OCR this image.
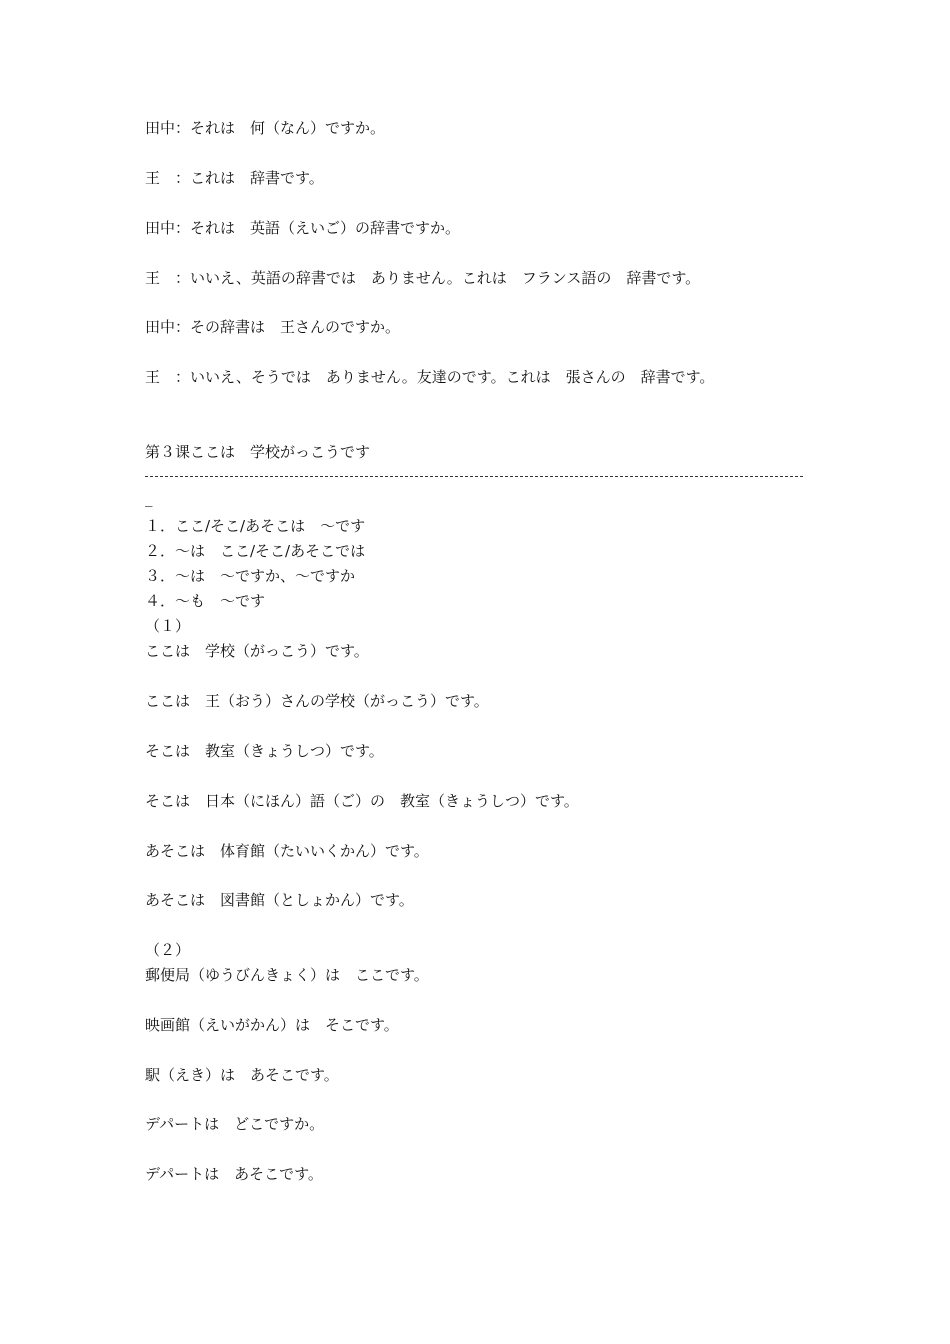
田中：それは　何（なん）ですか。
王　：これは　辞書です。
田中：それは　英語（えいご）の辞書ですか。
王　：いいえ、英語の辞書では　ありません。これは　フランス語の　辞書です。
田中：その辞書は　王さんのですか。
王　：いいえ、そうでは　ありません。友達のです。これは　張さんの　辞書です。
第３课ここは　学校がっこうです
_
１．ここ/そこ/あそこは　～です
２．～は　ここ/そこ/あそこでは
３．～は　～ですか、～ですか
４．～も　～です
（１）
ここは　学校（がっこう）です。
ここは　王（おう）さんの学校（がっこう）です。
そこは　教室（きょうしつ）です。
そこは　日本（にほん）語（ご）の　教室（きょうしつ）です。
あそこは　体育館（たいいくかん）です。
あそこは　図書館（としょかん）です。
（２）
郵便局（ゆうびんきょく）は　ここです。
映画館（えいがかん）は　そこです。
駅（えき）は　あそこです。
デパートは　どこですか。
デパートは　あそこです。
